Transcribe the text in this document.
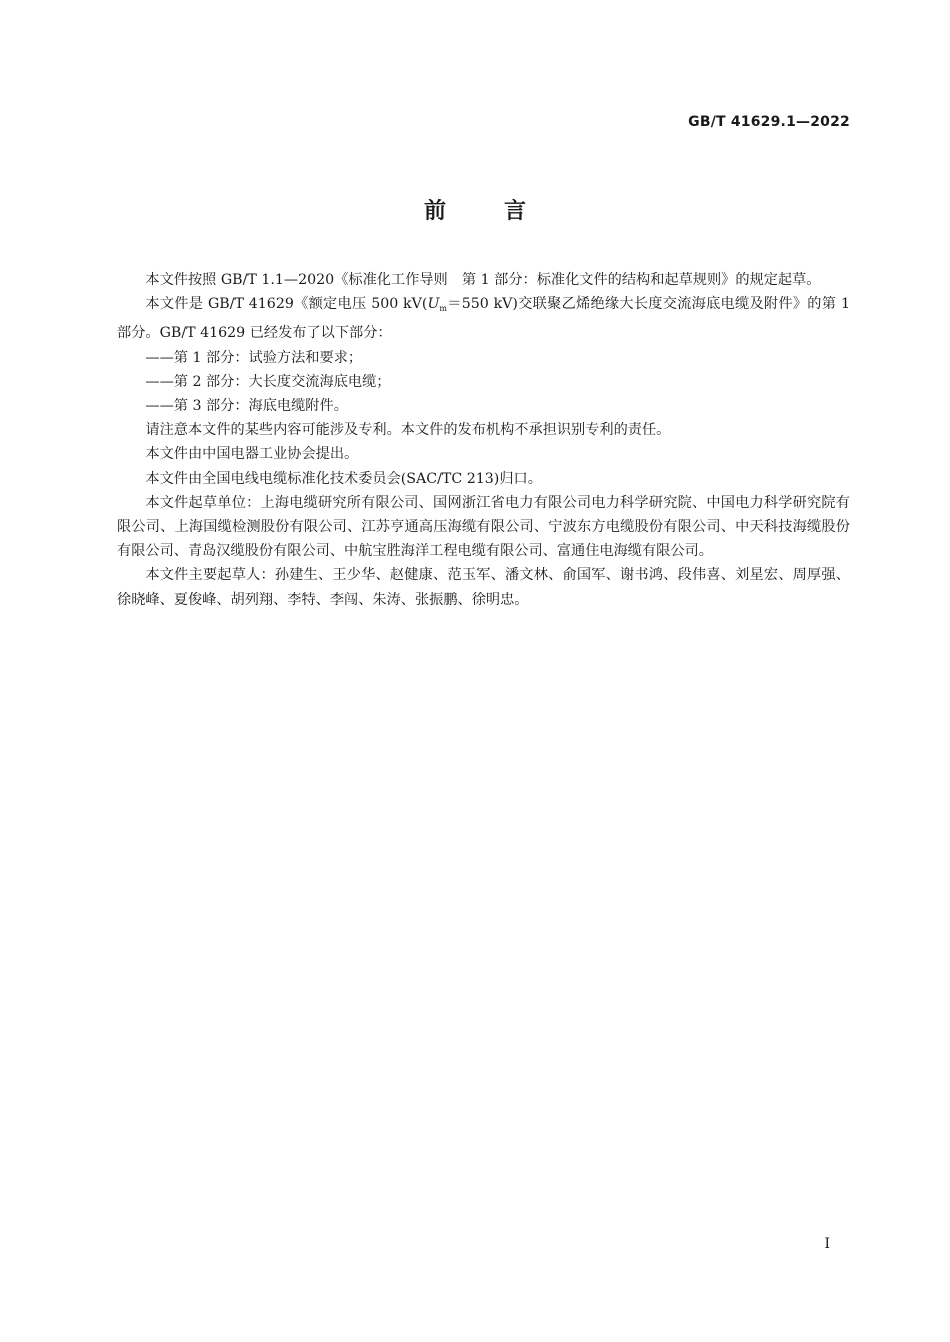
GB/T 41629.1—2022
前言

本文件按照 GB/T 1.1—2020《标准化工作导则　第 1 部分：标准化文件的结构和起草规则》的规定起草。

本文件是 GB/T 41629《额定电压 500 $kV(U_m=550$ kV)交联聚乙烯绝缘大长度交流海底电缆及附件》的第 1 部分。GB/T 41629 已经发布了以下部分：

——第 1 部分：试验方法和要求；

——第 2 部分：大长度交流海底电缆；

——第 3 部分：海底电缆附件。

请注意本文件的某些内容可能涉及专利。本文件的发布机构不承担识别专利的责任。

本文件由中国电器工业协会提出。

本文件由全国电线电缆标准化技术委员会(SAC/TC 213)归口。

本文件起草单位：上海电缆研究所有限公司、国网浙江省电力有限公司电力科学研究院、中国电力科学研究院有限公司、上海国缆检测股份有限公司、江苏亨通高压海缆有限公司、宁波东方电缆股份有限公司、中天科技海缆股份有限公司、青岛汉缆股份有限公司、中航宝胜海洋工程电缆有限公司、富通住电海缆有限公司。

本文件主要起草人：孙建生、王少华、赵健康、范玉军、潘文林、俞国军、谢书鸿、段伟喜、刘星宏、周厚强、徐晓峰、夏俊峰、胡列翔、李特、李闯、朱涛、张振鹏、徐明忠。

I
